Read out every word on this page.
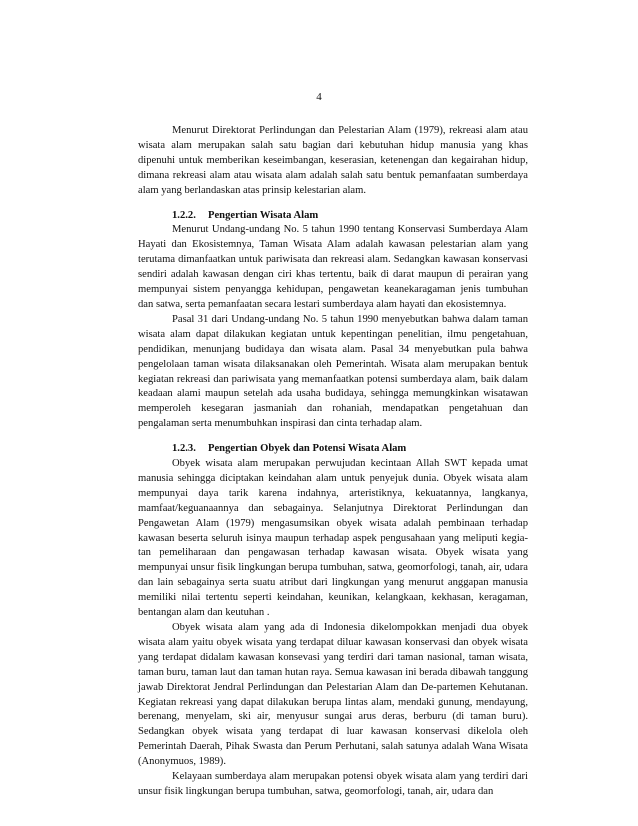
4

Menurut Direktorat Perlindungan dan Pelestarian Alam (1979), rekreasi alam atau wisata alam merupakan salah satu bagian dari kebutuhan hidup manusia yang khas dipenuhi untuk memberikan keseimbangan, keserasian, ketenengan dan kegairahan hidup, dimana rekreasi alam atau wisata alam adalah salah satu bentuk pemanfaatan sumberdaya alam yang berlandaskan atas prinsip kelestarian alam.

1.2.2. Pengertian Wisata Alam

Menurut Undang-undang No. 5 tahun 1990 tentang Konservasi Sumberdaya Alam Hayati dan Ekosistemnya, Taman Wisata Alam adalah kawasan pelestarian alam yang terutama dimanfaatkan untuk pariwisata dan rekreasi alam. Sedangkan kawasan konservasi sendiri adalah kawasan dengan ciri khas tertentu, baik di darat maupun di perairan yang mempunyai sistem penyangga kehidupan, pengawetan keanekaragaman jenis tumbuhan dan satwa, serta pemanfaatan secara lestari sumberdaya alam hayati dan ekosistemnya.

Pasal 31 dari Undang-undang No. 5 tahun 1990 menyebutkan bahwa dalam taman wisata alam dapat dilakukan kegiatan untuk kepentingan penelitian, ilmu pengetahuan, pendidikan, menunjang budidaya dan wisata alam. Pasal 34 menyebutkan pula bahwa pengelolaan taman wisata dilaksanakan oleh Pemerintah. Wisata alam merupakan bentuk kegiatan rekreasi dan pariwisata yang memanfaatkan potensi sumberdaya alam, baik dalam keadaan alami maupun setelah ada usaha budidaya, sehingga memungkinkan wisatawan memperoleh kesegaran jasmaniah dan rohaniah, mendapatkan pengetahuan dan pengalaman serta menumbuhkan inspirasi dan cinta terhadap alam.

1.2.3. Pengertian Obyek dan Potensi Wisata Alam

Obyek wisata alam merupakan perwujudan kecintaan Allah SWT kepada umat manusia sehingga diciptakan keindahan alam untuk penyejuk dunia. Obyek wisata alam mempunyai daya tarik karena indahnya, arteristiknya, kekuatannya, langkanya, mamfaat/keguanaannya dan sebagainya. Selanjutnya Direktorat Perlindungan dan Pengawetan Alam (1979) mengasumsikan obyek wisata adalah pembinaan terhadap kawasan beserta seluruh isinya maupun terhadap aspek pengusahaan yang meliputi kegia-tan pemeliharaan dan pengawasan terhadap kawasan wisata. Obyek wisata yang mempunyai unsur fisik lingkungan berupa tumbuhan, satwa, geomorfologi, tanah, air, udara dan lain sebagainya serta suatu atribut dari lingkungan yang menurut anggapan manusia memiliki nilai tertentu seperti keindahan, keunikan, kelangkaan, kekhasan, keragaman, bentangan alam dan keutuhan .

Obyek wisata alam yang ada di Indonesia dikelompokkan menjadi dua obyek wisata alam yaitu obyek wisata yang terdapat diluar kawasan konservasi dan obyek wisata yang terdapat didalam kawasan konsevasi yang terdiri dari taman nasional, taman wisata, taman buru, taman laut dan taman hutan raya. Semua kawasan ini berada dibawah tanggung jawab Direktorat Jendral Perlindungan dan Pelestarian Alam dan De-partemen Kehutanan. Kegiatan rekreasi yang dapat dilakukan berupa lintas alam, mendaki gunung, mendayung, berenang, menyelam, ski air, menyusur sungai arus deras, berburu (di taman buru). Sedangkan obyek wisata yang terdapat di luar kawasan konservasi dikelola oleh Pemerintah Daerah, Pihak Swasta dan Perum Perhutani, salah satunya adalah Wana Wisata (Anonymuos, 1989).

Kelayaan sumberdaya alam merupakan potensi obyek wisata alam yang terdiri dari unsur fisik lingkungan berupa tumbuhan, satwa, geomorfologi, tanah, air, udara dan
